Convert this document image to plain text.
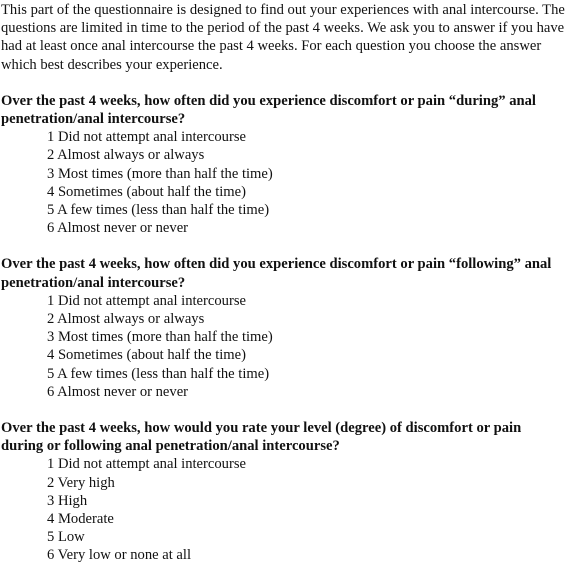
This part of the questionnaire is designed to find out your experiences with anal intercourse. The questions are limited in time to the period of the past 4 weeks. We ask you to answer if you have had at least once anal intercourse the past 4 weeks. For each question you choose the answer which best describes your experience.

Over the past 4 weeks, how often did you experience discomfort or pain “during” anal penetration/anal intercourse?

1 Did not attempt anal intercourse
2 Almost always or always
3 Most times (more than half the time)
4 Sometimes (about half the time)
5 A few times (less than half the time)
6 Almost never or never

Over the past 4 weeks, how often did you experience discomfort or pain “following” anal penetration/anal intercourse?

1 Did not attempt anal intercourse
2 Almost always or always
3 Most times (more than half the time)
4 Sometimes (about half the time)
5 A few times (less than half the time)
6 Almost never or never

Over the past 4 weeks, how would you rate your level (degree) of discomfort or pain during or following anal penetration/anal intercourse?

1 Did not attempt anal intercourse
2 Very high
3 High
4 Moderate
5 Low
6 Very low or none at all
